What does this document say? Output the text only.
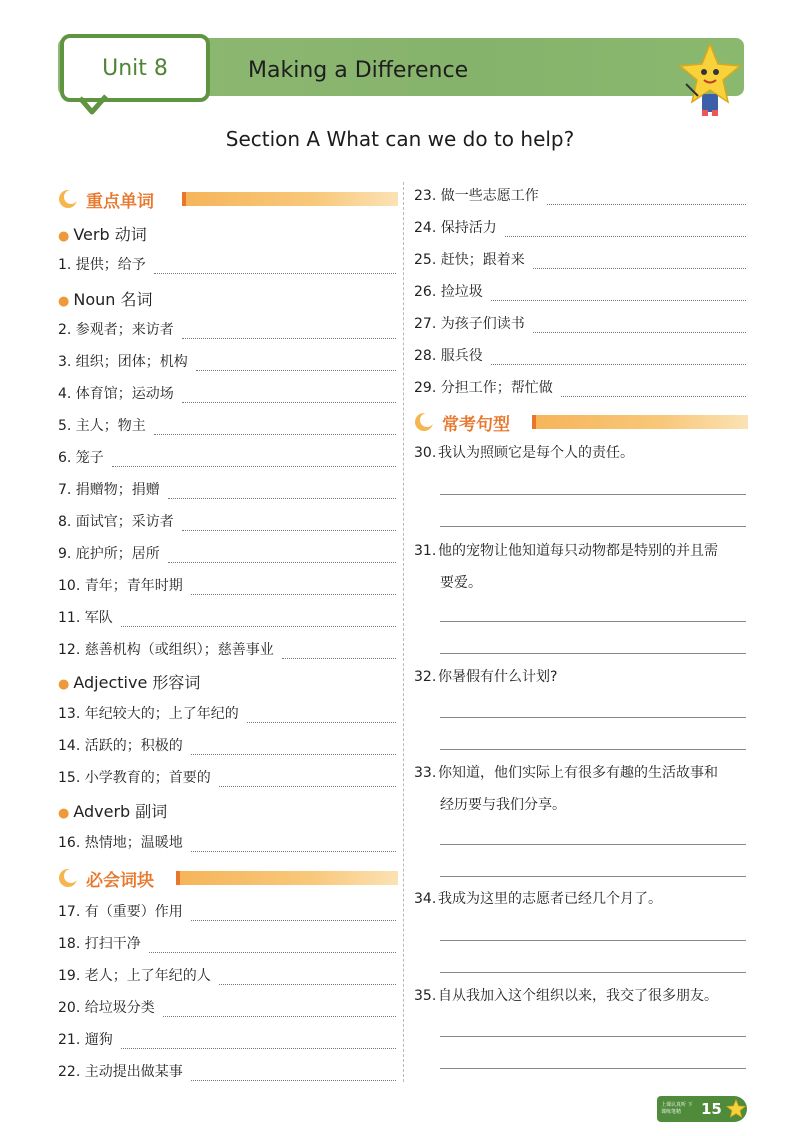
Unit 8	Making a Difference
Section A What can we do to help?
重点单词
● Verb 动词
1. 提供；给予
● Noun 名词
2. 参观者；来访者
3. 组织；团体；机构
4. 体育馆；运动场
5. 主人；物主
6. 笼子
7. 捐赠物；捐赠
8. 面试官；采访者
9. 庇护所；居所
10. 青年；青年时期
11. 军队
12. 慈善机构（或组织）；慈善事业
● Adjective 形容词
13. 年纪较大的；上了年纪的
14. 活跃的；积极的
15. 小学教育的；首要的
● Adverb 副词
16. 热情地；温暖地
必会词块
17. 有（重要）作用
18. 打扫干净
19. 老人；上了年纪的人
20. 给垃圾分类
21. 遛狗
22. 主动提出做某事
23. 做一些志愿工作
24. 保持活力
25. 赶快；跟着来
26. 捡垃圾
27. 为孩子们读书
28. 服兵役
29. 分担工作；帮忙做
常考句型
30. 我认为照顾它是每个人的责任。
31. 他的宠物让他知道每只动物都是特别的并且需
要爱。
32. 你暑假有什么计划?
33. 你知道，他们实际上有很多有趣的生活故事和
经历要与我们分享。
34. 我成为这里的志愿者已经几个月了。
35. 自从我加入这个组织以来，我交了很多朋友。
上课认真听 下课练笔精	15
